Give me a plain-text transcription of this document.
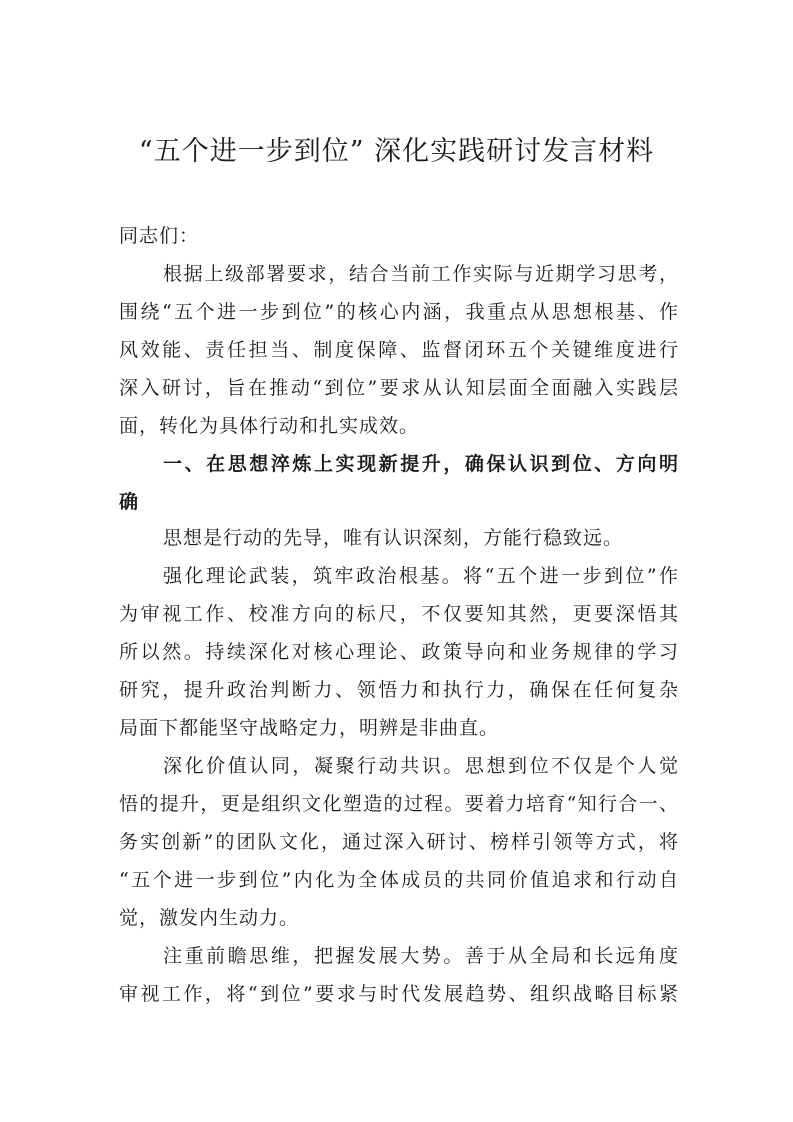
“五个进一步到位” 深化实践研讨发言材料
同志们：
根据上级部署要求，结合当前工作实际与近期学习思考，
围绕“五个进一步到位”的核心内涵，我重点从思想根基、作
风效能、责任担当、制度保障、监督闭环五个关键维度进行
深入研讨，旨在推动“到位”要求从认知层面全面融入实践层
面，转化为具体行动和扎实成效。
一、在思想淬炼上实现新提升，确保认识到位、方向明
确
思想是行动的先导，唯有认识深刻，方能行稳致远。
强化理论武装，筑牢政治根基。将“五个进一步到位”作
为审视工作、校准方向的标尺，不仅要知其然，更要深悟其
所以然。持续深化对核心理论、政策导向和业务规律的学习
研究，提升政治判断力、领悟力和执行力，确保在任何复杂
局面下都能坚守战略定力，明辨是非曲直。
深化价值认同，凝聚行动共识。思想到位不仅是个人觉
悟的提升，更是组织文化塑造的过程。要着力培育“知行合一、
务实创新”的团队文化，通过深入研讨、榜样引领等方式，将
“五个进一步到位”内化为全体成员的共同价值追求和行动自
觉，激发内生动力。
注重前瞻思维，把握发展大势。善于从全局和长远角度
审视工作，将“到位”要求与时代发展趋势、组织战略目标紧
